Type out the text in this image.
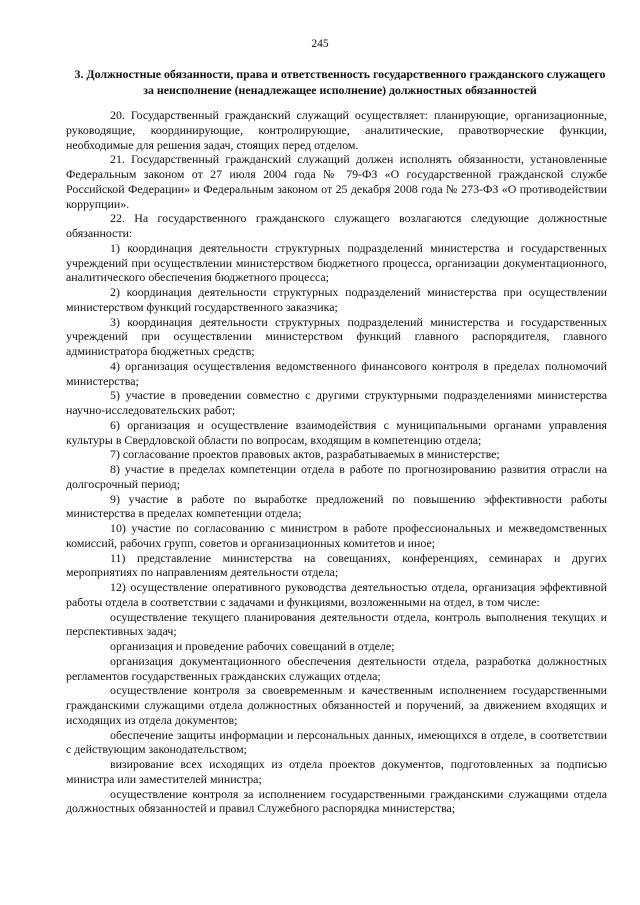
245
3. Должностные обязанности, права и ответственность государственного гражданского служащего за неисполнение (ненадлежащее исполнение) должностных обязанностей

20. Государственный гражданский служащий осуществляет: планирующие, организационные, руководящие, координирующие, контролирующие, аналитические, правотворческие функции, необходимые для решения задач, стоящих перед отделом.

21. Государственный гражданский служащий должен исполнять обязанности, установленные Федеральным законом от 27 июля 2004 года № 79-ФЗ «О государственной гражданской службе Российской Федерации» и Федеральным законом от 25 декабря 2008 года № 273-ФЗ «О противодействии коррупции».

22. На государственного гражданского служащего возлагаются следующие должностные обязанности:

1) координация деятельности структурных подразделений министерства и государственных учреждений при осуществлении министерством бюджетного процесса, организации документационного, аналитического обеспечения бюджетного процесса;

2) координация деятельности структурных подразделений министерства при осуществлении министерством функций государственного заказчика;

3) координация деятельности структурных подразделений министерства и государственных учреждений при осуществлении министерством функций главного распорядителя, главного администратора бюджетных средств;

4) организация осуществления ведомственного финансового контроля в пределах полномочий министерства;

5) участие в проведении совместно с другими структурными подразделениями министерства научно-исследовательских работ;

6) организация и осуществление взаимодействия с муниципальными органами управления культуры в Свердловской области по вопросам, входящим в компетенцию отдела;

7) согласование проектов правовых актов, разрабатываемых в министерстве;

8) участие в пределах компетенции отдела в работе по прогнозированию развития отрасли на долгосрочный период;

9) участие в работе по выработке предложений по повышению эффективности работы министерства в пределах компетенции отдела;

10) участие по согласованию с министром в работе профессиональных и межведомственных комиссий, рабочих групп, советов и организационных комитетов и иное;

11) представление министерства на совещаниях, конференциях, семинарах и других мероприятиях по направлениям деятельности отдела;

12) осуществление оперативного руководства деятельностью отдела, организация эффективной работы отдела в соответствии с задачами и функциями, возложенными на отдел, в том числе:

осуществление текущего планирования деятельности отдела, контроль выполнения текущих и перспективных задач;

организация и проведение рабочих совещаний в отделе;

организация документационного обеспечения деятельности отдела, разработка должностных регламентов государственных гражданских служащих отдела;

осуществление контроля за своевременным и качественным исполнением государственными гражданскими служащими отдела должностных обязанностей и поручений, за движением входящих и исходящих из отдела документов;

обеспечение защиты информации и персональных данных, имеющихся в отделе, в соответствии с действующим законодательством;

визирование всех исходящих из отдела проектов документов, подготовленных за подписью министра или заместителей министра;

осуществление контроля за исполнением государственными гражданскими служащими отдела должностных обязанностей и правил Служебного распорядка министерства;
